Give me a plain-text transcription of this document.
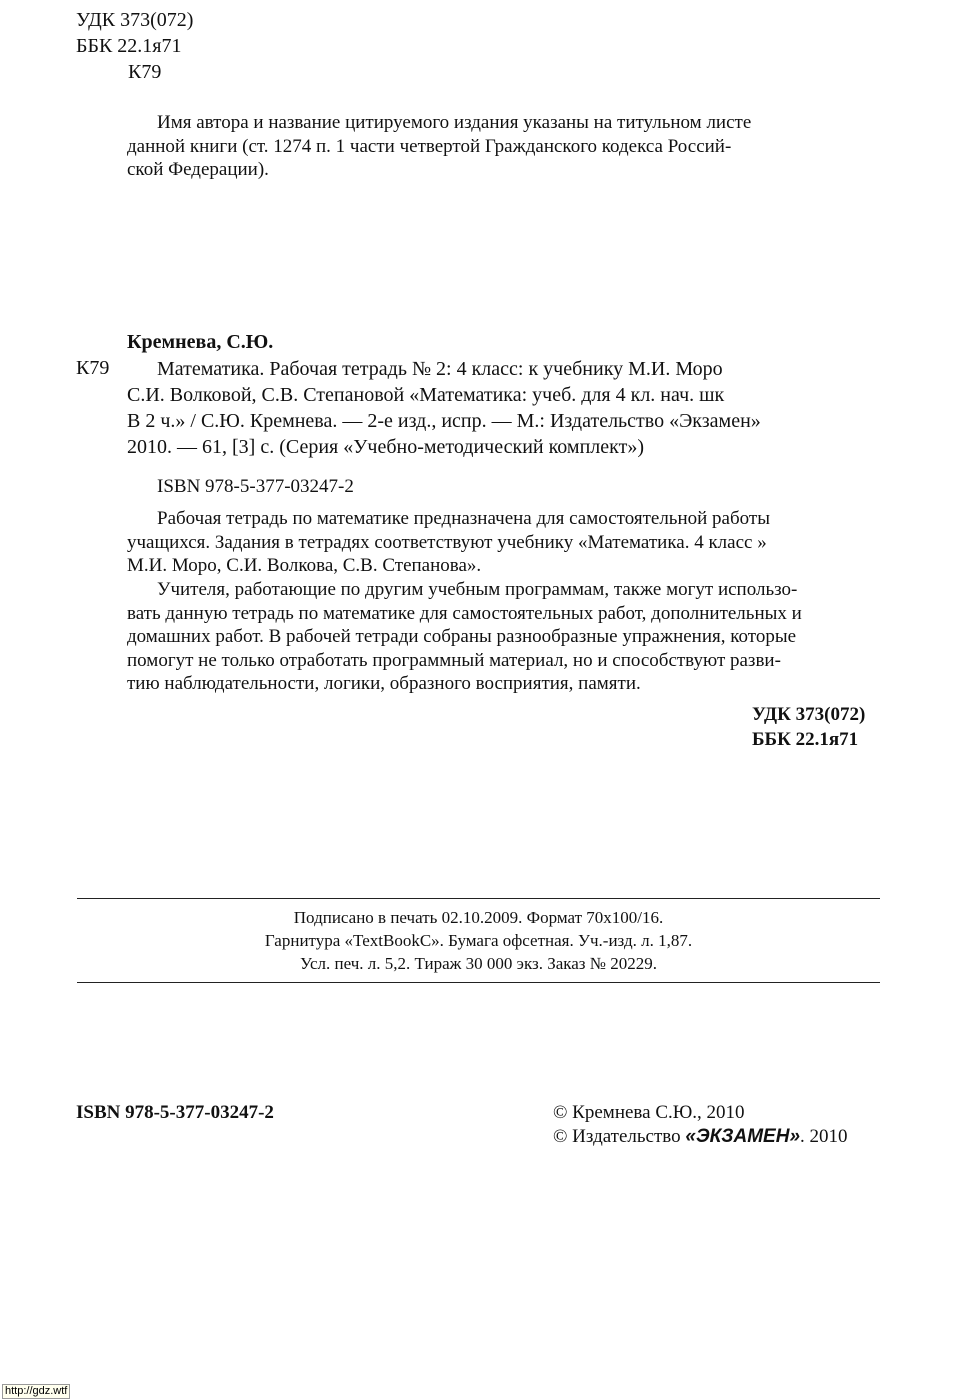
УДК 373(072)
ББК 22.1я71
К79
Имя автора и название цитируемого издания указаны на титульном листе
данной книги (ст. 1274 п. 1 части четвертой Гражданского кодекса Россий-
ской Федерации).
Кремнева, С.Ю.
К79	Математика. Рабочая тетрадь № 2: 4 класс: к учебнику М.И. Моро
С.И. Волковой, С.В. Степановой «Математика: учеб. для 4 кл. нач. шк
В 2 ч.» / С.Ю. Кремнева. — 2-е изд., испр. — М.: Издательство «Экзамен»
2010. — 61, [3] с. (Серия «Учебно-методический комплект»)
ISBN 978-5-377-03247-2
Рабочая тетрадь по математике предназначена для самостоятельной работы
учащихся. Задания в тетрадях соответствуют учебнику «Математика. 4 класс »
М.И. Моро, С.И. Волкова, С.В. Степанова».
Учителя, работающие по другим учебным программам, также могут использо-
вать данную тетрадь по математике для самостоятельных работ, дополнительных и
домашних работ. В рабочей тетради собраны разнообразные упражнения, которые
помогут не только отработать программный материал, но и способствуют разви-
тию наблюдательности, логики, образного восприятия, памяти.
УДК 373(072)
ББК 22.1я71
Подписано в печать 02.10.2009. Формат 70x100/16.
Гарнитура «TextBookC». Бумага офсетная. Уч.-изд. л. 1,87.
Усл. печ. л. 5,2. Тираж 30 000 экз. Заказ № 20229.
ISBN 978-5-377-03247-2	© Кремнева С.Ю., 2010
© Издательство «ЭКЗАМЕН». 2010
http://gdz.wtf
